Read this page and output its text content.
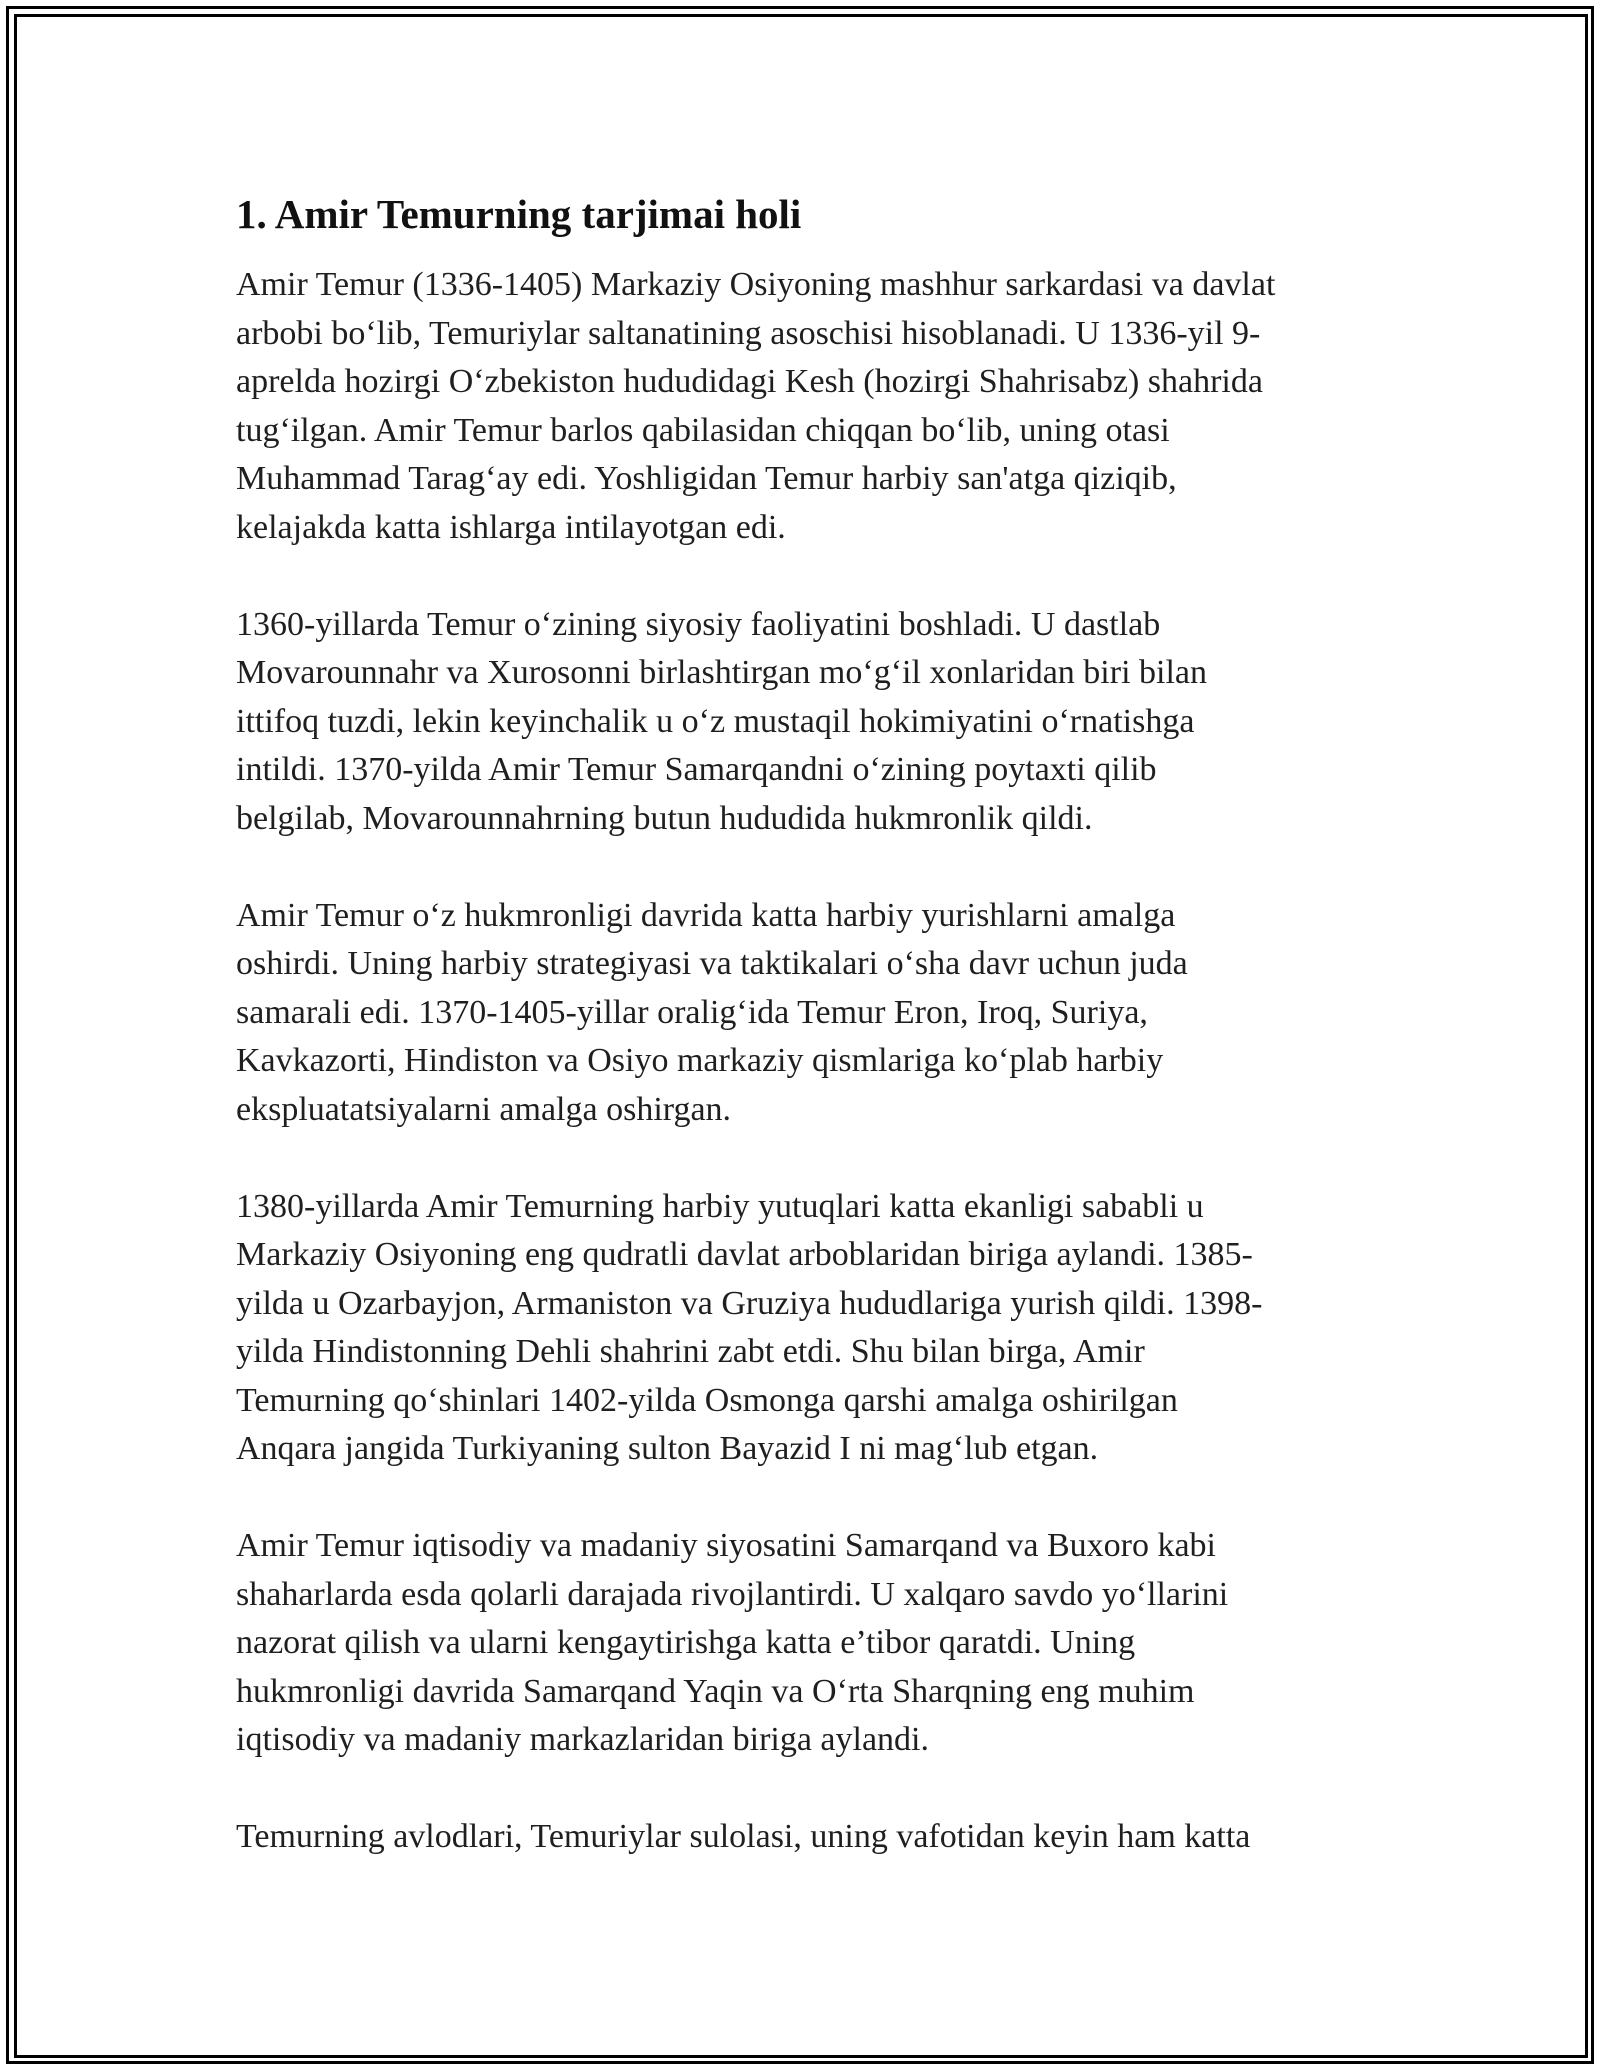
1. Amir Temurning tarjimai holi

Amir Temur (1336-1405) Markaziy Osiyoning mashhur sarkardasi va davlat
arbobi bo‘lib, Temuriylar saltanatining asoschisi hisoblanadi. U 1336-yil 9-
aprelda hozirgi O‘zbekiston hududidagi Kesh (hozirgi Shahrisabz) shahrida
tug‘ilgan. Amir Temur barlos qabilasidan chiqqan bo‘lib, uning otasi
Muhammad Tarag‘ay edi. Yoshligidan Temur harbiy san'atga qiziqib,
kelajakda katta ishlarga intilayotgan edi.

1360-yillarda Temur o‘zining siyosiy faoliyatini boshladi. U dastlab
Movarounnahr va Xurosonni birlashtirgan mo‘g‘il xonlaridan biri bilan
ittifoq tuzdi, lekin keyinchalik u o‘z mustaqil hokimiyatini o‘rnatishga
intildi. 1370-yilda Amir Temur Samarqandni o‘zining poytaxti qilib
belgilab, Movarounnahrning butun hududida hukmronlik qildi.

Amir Temur o‘z hukmronligi davrida katta harbiy yurishlarni amalga
oshirdi. Uning harbiy strategiyasi va taktikalari o‘sha davr uchun juda
samarali edi. 1370-1405-yillar oralig‘ida Temur Eron, Iroq, Suriya,
Kavkazorti, Hindiston va Osiyo markaziy qismlariga ko‘plab harbiy
ekspluatatsiyalarni amalga oshirgan.

1380-yillarda Amir Temurning harbiy yutuqlari katta ekanligi sababli u
Markaziy Osiyoning eng qudratli davlat arboblaridan biriga aylandi. 1385-
yilda u Ozarbayjon, Armaniston va Gruziya hududlariga yurish qildi. 1398-
yilda Hindistonning Dehli shahrini zabt etdi. Shu bilan birga, Amir
Temurning qo‘shinlari 1402-yilda Osmonga qarshi amalga oshirilgan
Anqara jangida Turkiyaning sulton Bayazid I ni mag‘lub etgan.

Amir Temur iqtisodiy va madaniy siyosatini Samarqand va Buxoro kabi
shaharlarda esda qolarli darajada rivojlantirdi. U xalqaro savdo yo‘llarini
nazorat qilish va ularni kengaytirishga katta e’tibor qaratdi. Uning
hukmronligi davrida Samarqand Yaqin va O‘rta Sharqning eng muhim
iqtisodiy va madaniy markazlaridan biriga aylandi.

Temurning avlodlari, Temuriylar sulolasi, uning vafotidan keyin ham katta
